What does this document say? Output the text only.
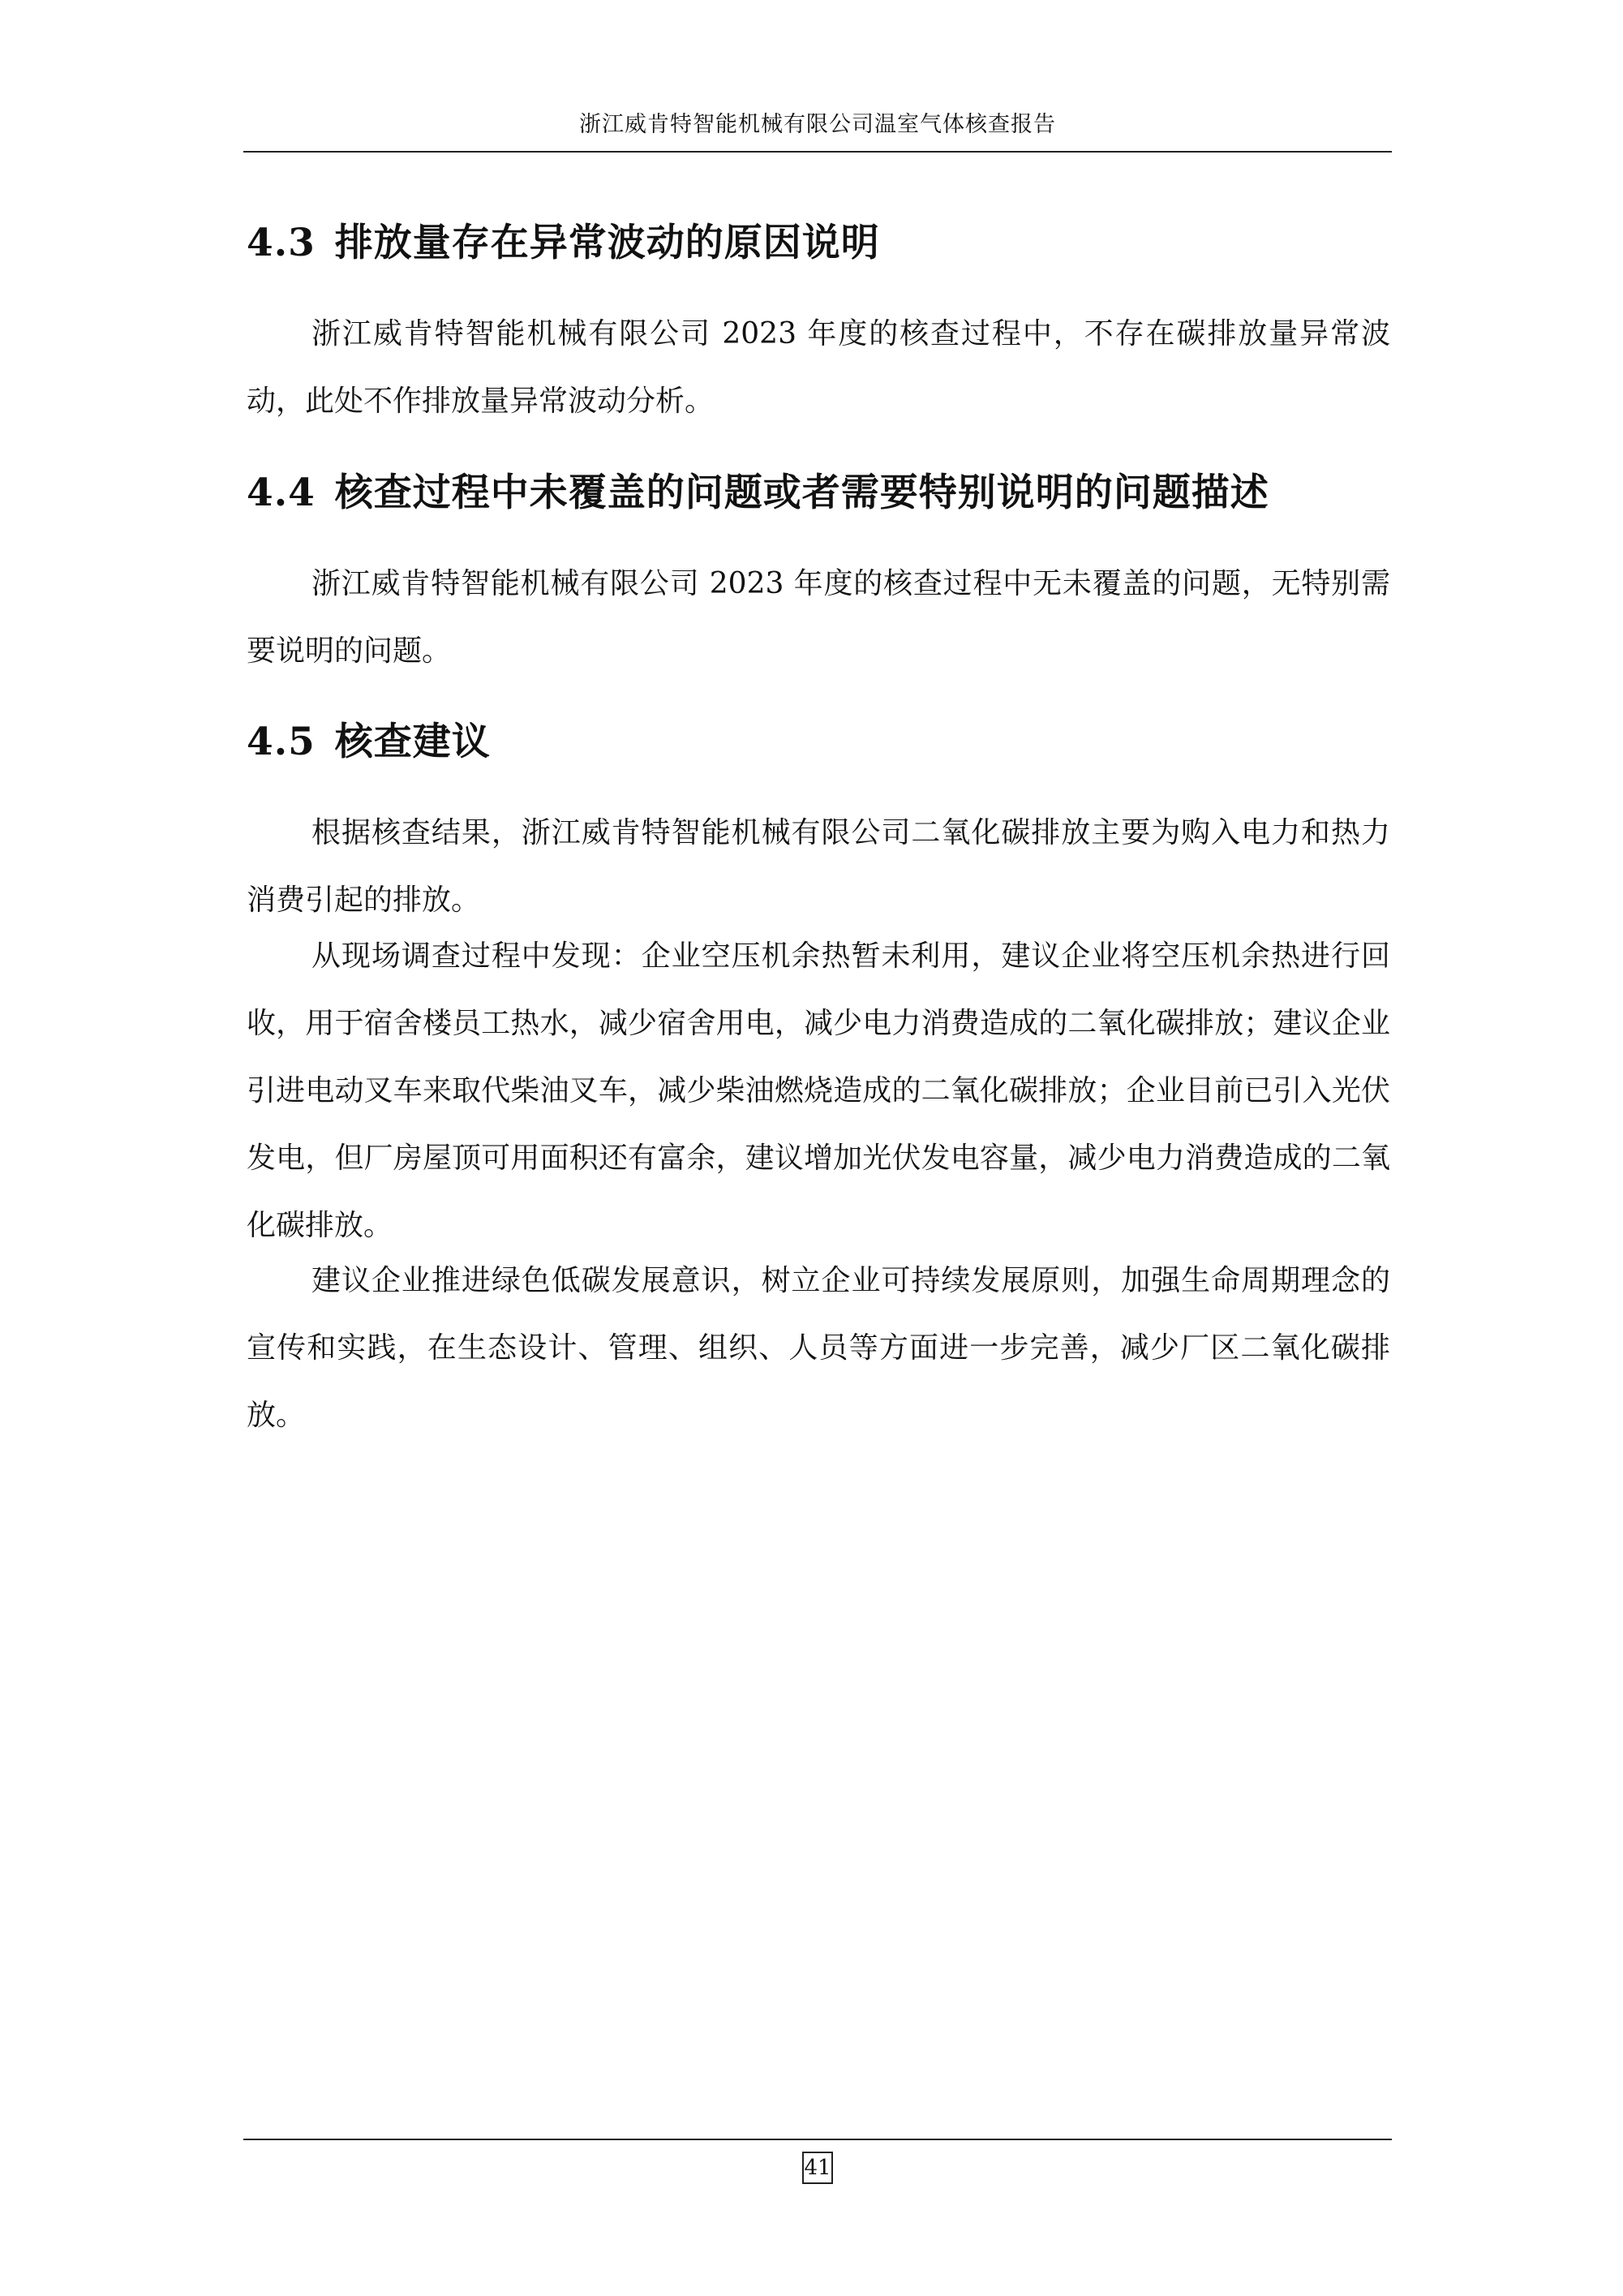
浙江威肯特智能机械有限公司温室气体核查报告
4.3 排放量存在异常波动的原因说明

浙江威肯特智能机械有限公司 2023 年度的核查过程中，不存在碳排放量异常波动，此处不作排放量异常波动分析。

4.4 核查过程中未覆盖的问题或者需要特别说明的问题描述

浙江威肯特智能机械有限公司 2023 年度的核查过程中无未覆盖的问题，无特别需要说明的问题。

4.5 核查建议

根据核查结果，浙江威肯特智能机械有限公司二氧化碳排放主要为购入电力和热力消费引起的排放。

从现场调查过程中发现：企业空压机余热暂未利用，建议企业将空压机余热进行回收，用于宿舍楼员工热水，减少宿舍用电，减少电力消费造成的二氧化碳排放；建议企业引进电动叉车来取代柴油叉车，减少柴油燃烧造成的二氧化碳排放；企业目前已引入光伏发电，但厂房屋顶可用面积还有富余，建议增加光伏发电容量，减少电力消费造成的二氧化碳排放。

建议企业推进绿色低碳发展意识，树立企业可持续发展原则，加强生命周期理念的宣传和实践，在生态设计、管理、组织、人员等方面进一步完善，减少厂区二氧化碳排放。

41
